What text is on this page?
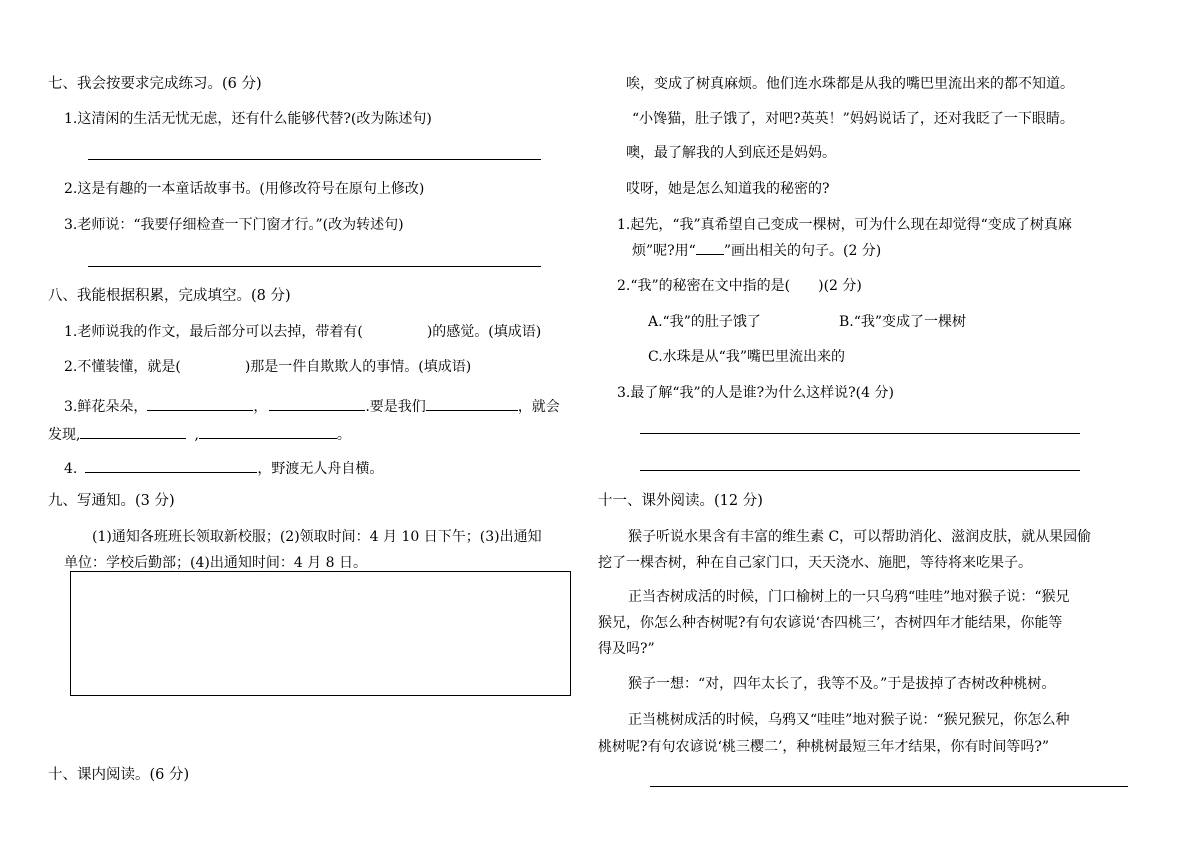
七、我会按要求完成练习。(6 分)
1.这清闲的生活无忧无虑，还有什么能够代替?(改为陈述句)
2.这是有趣的一本童话故事书。(用修改符号在原句上修改)
3.老师说：“我要仔细检查一下门窗才行。”(改为转述句)
八、我能根据积累，完成填空。(8 分)
1.老师说我的作文，最后部分可以去掉，带着有(	)的感觉。(填成语)
2.不懂装懂，就是(	)那是一件自欺欺人的事情。(填成语)
3.鲜花朵朵，	，	.要是我们	，就会
发现,	,	。
4.	，野渡无人舟自横。
九、写通知。(3 分)
(1)通知各班班长领取新校服；(2)领取时间：4 月 10 日下午；(3)出通知
单位：学校后勤部；(4)出通知时间：4 月 8 日。
十、课内阅读。(6 分)
唉，变成了树真麻烦。他们连水珠都是从我的嘴巴里流出来的都不知道。
“小馋猫，肚子饿了，对吧?英英！”妈妈说话了，还对我眨了一下眼睛。
噢，最了解我的人到底还是妈妈。
哎呀，她是怎么知道我的秘密的?
1.起先，“我”真希望自己变成一棵树，可为什么现在却觉得“变成了树真麻
烦”呢?用“ ”画出相关的句子。(2 分)
2.“我”的秘密在文中指的是(　　)(2 分)
A.“我”的肚子饿了	B.“我”变成了一棵树
C.水珠是从“我”嘴巴里流出来的
3.最了解“我”的人是谁?为什么这样说?(4 分)
十一、课外阅读。(12 分)
猴子听说水果含有丰富的维生素 C，可以帮助消化、滋润皮肤，就从果园偷
挖了一棵杏树，种在自己家门口，天天浇水、施肥，等待将来吃果子。
正当杏树成活的时候，门口榆树上的一只乌鸦“哇哇”地对猴子说：“猴兄
猴兄，你怎么种杏树呢?有句农谚说‘杏四桃三’，杏树四年才能结果，你能等
得及吗?”
猴子一想：“对，四年太长了，我等不及。”于是拔掉了杏树改种桃树。
正当桃树成活的时候，乌鸦又“哇哇”地对猴子说：“猴兄猴兄，你怎么种
桃树呢?有句农谚说‘桃三樱二’，种桃树最短三年才结果，你有时间等吗?”
